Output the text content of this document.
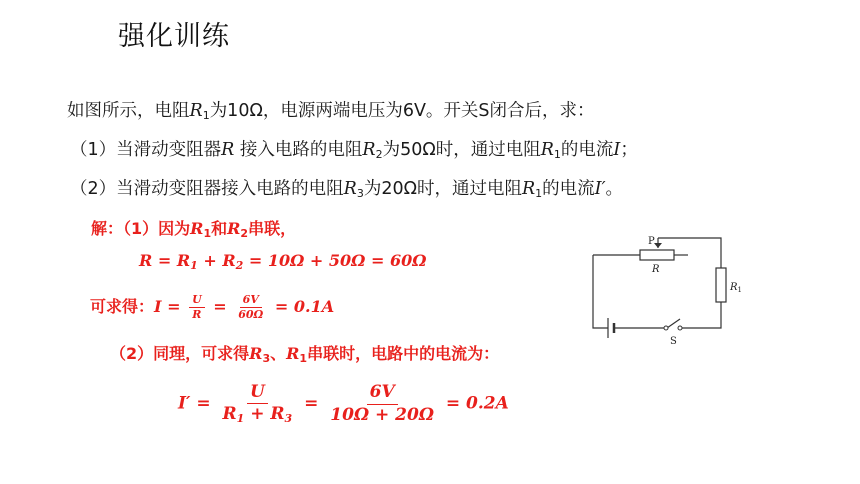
强化训练
如图所示，电阻$R_1$为10Ω，电源两端电压为6V。开关S闭合后，求：
（1）当滑动变阻器R 接入电路的电阻$R_2$为50Ω时，通过电阻$R_1$的电流I；
（2）当滑动变阻器接入电路的电阻$R_3$为20Ω时，通过电阻$R_1$的电流I′。
解：（1）因为$R_1$和$R_2$串联，
$R = R_1 + R_2 = 10\Omega + 50\Omega = 60\Omega$
可求得：$I = \frac{U}{R} = \frac{6V}{60\Omega} = 0.1A$
（2）同理，可求得$R_3$、$R_1$串联时，电路中的电流为：
$I' = \frac{U}{R_1 + R_3} = \frac{6V}{10\Omega + 20\Omega} = 0.2A$
P
R
$R_1$
S
